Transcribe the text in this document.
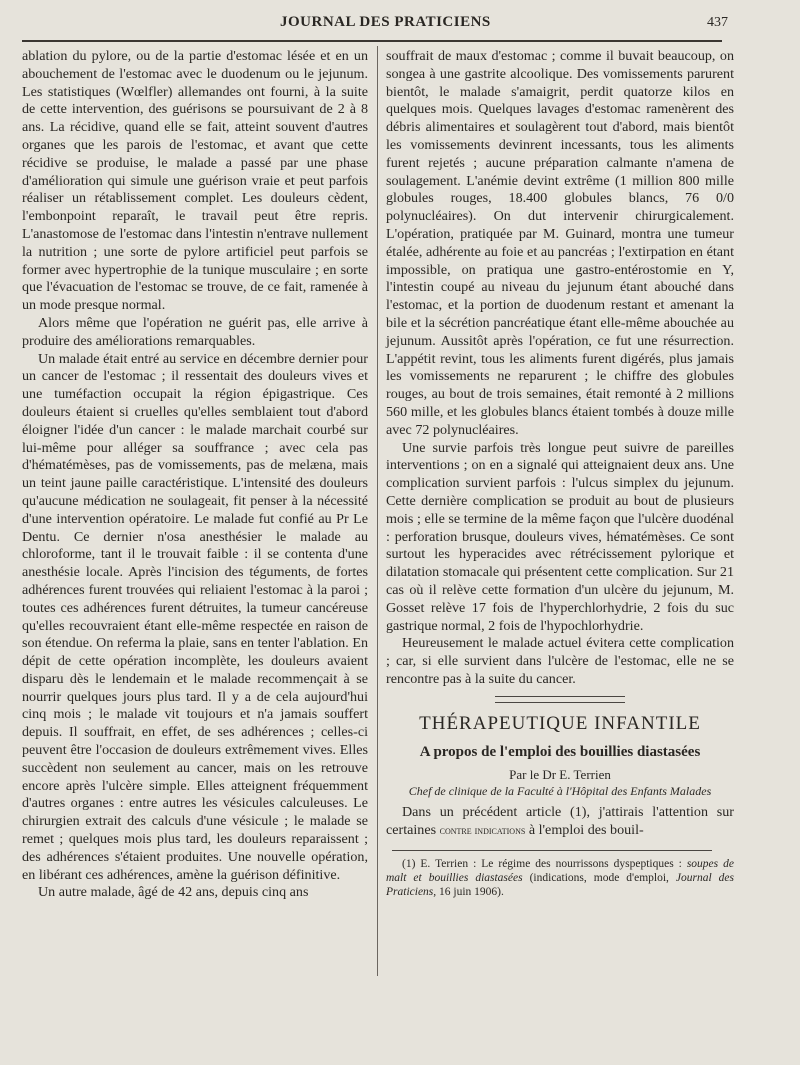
JOURNAL DES PRATICIENS	437

ablation du pylore, ou de la partie d'estomac lésée et en un abouchement de l'estomac avec le duodenum ou le jejunum. Les statistiques (Wœlfler) allemandes ont fourni, à la suite de cette intervention, des guérisons se poursuivant de 2 à 8 ans. La récidive, quand elle se fait, atteint souvent d'autres organes que les parois de l'estomac, et avant que cette récidive se produise, le malade a passé par une phase d'amélioration qui simule une guérison vraie et peut parfois réaliser un rétablissement complet. Les douleurs cèdent, l'embonpoint reparaît, le travail peut être repris. L'anastomose de l'estomac dans l'intestin n'entrave nullement la nutrition ; une sorte de pylore artificiel peut parfois se former avec hypertrophie de la tunique musculaire ; en sorte que l'évacuation de l'estomac se trouve, de ce fait, ramenée à un mode presque normal.

Alors même que l'opération ne guérit pas, elle arrive à produire des améliorations remarquables.

Un malade était entré au service en décembre dernier pour un cancer de l'estomac ; il ressentait des douleurs vives et une tuméfaction occupait la région épigastrique. Ces douleurs étaient si cruelles qu'elles semblaient tout d'abord éloigner l'idée d'un cancer : le malade marchait courbé sur lui-même pour alléger sa souffrance ; avec cela pas d'hématémèses, pas de vomissements, pas de melæna, mais un teint jaune paille caractéristique. L'intensité des douleurs qu'aucune médication ne soulageait, fit penser à la nécessité d'une intervention opératoire. Le malade fut confié au Pr Le Dentu. Ce dernier n'osa anesthésier le malade au chloroforme, tant il le trouvait faible : il se contenta d'une anesthésie locale. Après l'incision des téguments, de fortes adhérences furent trouvées qui reliaient l'estomac à la paroi ; toutes ces adhérences furent détruites, la tumeur cancéreuse qu'elles recouvraient étant elle-même respectée en raison de son étendue. On referma la plaie, sans en tenter l'ablation. En dépit de cette opération incomplète, les douleurs avaient disparu dès le lendemain et le malade recommençait à se nourrir quelques jours plus tard. Il y a de cela aujourd'hui cinq mois ; le malade vit toujours et n'a jamais souffert depuis. Il souffrait, en effet, de ses adhérences ; celles-ci peuvent être l'occasion de douleurs extrêmement vives. Elles succèdent non seulement au cancer, mais on les retrouve encore après l'ulcère simple. Elles atteignent fréquemment d'autres organes : entre autres les vésicules calculeuses. Le chirurgien extrait des calculs d'une vésicule ; le malade se remet ; quelques mois plus tard, les douleurs reparaissent ; des adhérences s'étaient produites. Une nouvelle opération, en libérant ces adhérences, amène la guérison définitive.

Un autre malade, âgé de 42 ans, depuis cinq ans

souffrait de maux d'estomac ; comme il buvait beaucoup, on songea à une gastrite alcoolique. Des vomissements parurent bientôt, le malade s'amaigrit, perdit quatorze kilos en quelques mois. Quelques lavages d'estomac ramenèrent des débris alimentaires et soulagèrent tout d'abord, mais bientôt les vomissements devinrent incessants, tous les aliments furent rejetés ; aucune préparation calmante n'amena de soulagement. L'anémie devint extrême (1 million 800 mille globules rouges, 18.400 globules blancs, 76 0/0 polynucléaires). On dut intervenir chirurgicalement. L'opération, pratiquée par M. Guinard, montra une tumeur étalée, adhérente au foie et au pancréas ; l'extirpation en étant impossible, on pratiqua une gastro-entérostomie en Y, l'intestin coupé au niveau du jejunum étant abouché dans l'estomac, et la portion de duodenum restant et amenant la bile et la sécrétion pancréatique étant elle-même abouchée au jejunum. Aussitôt après l'opération, ce fut une résurrection. L'appétit revint, tous les aliments furent digérés, plus jamais les vomissements ne reparurent ; le chiffre des globules rouges, au bout de trois semaines, était remonté à 2 millions 560 mille, et les globules blancs étaient tombés à douze mille avec 72 polynucléaires.

Une survie parfois très longue peut suivre de pareilles interventions ; on en a signalé qui atteignaient deux ans. Une complication survient parfois : l'ulcus simplex du jejunum. Cette dernière complication se produit au bout de plusieurs mois ; elle se termine de la même façon que l'ulcère duodénal : perforation brusque, douleurs vives, hématémèses. Ce sont surtout les hyperacides avec rétrécissement pylorique et dilatation stomacale qui présentent cette complication. Sur 21 cas où il relève cette formation d'un ulcère du jejunum, M. Gosset relève 17 fois de l'hyperchlorhydrie, 2 fois du suc gastrique normal, 2 fois de l'hypochlorhydrie.

Heureusement le malade actuel évitera cette complication ; car, si elle survient dans l'ulcère de l'estomac, elle ne se rencontre pas à la suite du cancer.

THÉRAPEUTIQUE INFANTILE
A propos de l'emploi des bouillies diastasées
Par le Dr E. Terrien
Chef de clinique de la Faculté à l'Hôpital des Enfants Malades

Dans un précédent article (1), j'attirais l'attention sur certaines contre indications à l'emploi des bouil-

(1) E. Terrien : Le régime des nourrissons dyspeptiques : soupes de malt et bouillies diastasées (indications, mode d'emploi, Journal des Praticiens, 16 juin 1906).
